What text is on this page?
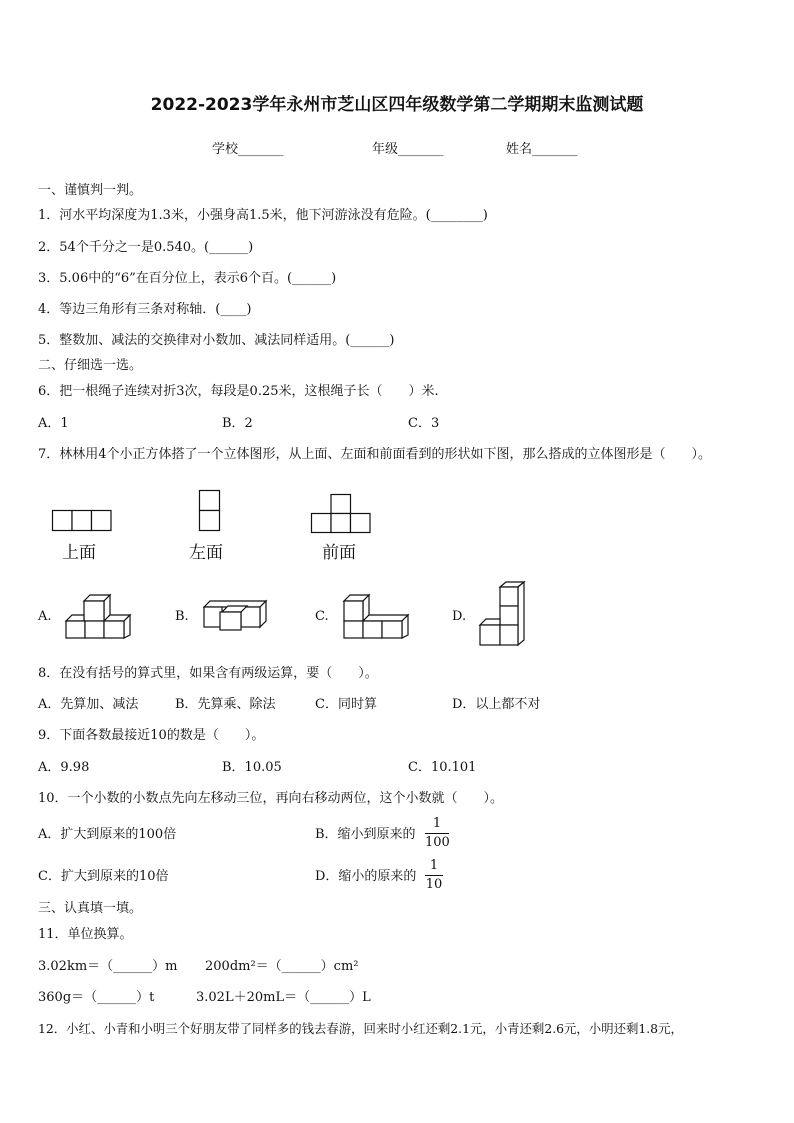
2022-2023学年永州市芝山区四年级数学第二学期期末监测试题
学校_______	年级_______	姓名_______
一、谨慎判一判。
1．河水平均深度为1.3米，小强身高1.5米，他下河游泳没有危险。(________)
2．54个千分之一是0.540。(______)
3．5.06中的“6”在百分位上，表示6个百。(______)
4．等边三角形有三条对称轴．(____)
5．整数加、减法的交换律对小数加、减法同样适用。(______)
二、仔细选一选。
6．把一根绳子连续对折3次，每段是0.25米，这根绳子长（　　）米.
A．1	B．2	C．3
7．林林用4个小正方体搭了一个立体图形，从上面、左面和前面看到的形状如下图，那么搭成的立体图形是（　　）。
上面	左面	前面
A.	B.	C.	D.
8．在没有括号的算式里，如果含有两级运算，要（　　）。
A．先算加、减法	B．先算乘、除法	C．同时算	D．以上都不对
9．下面各数最接近10的数是（　　）。
A．9.98	B．10.05	C．10.101
10．一个小数的小数点先向左移动三位，再向右移动两位，这个小数就（　　）。
A．扩大到原来的100倍	B．缩小到原来的
1
100
C．扩大到原来的10倍	D．缩小的原来的
1
10
三、认真填一填。
11．单位换算。
3.02km＝（______）m 200dm²＝（______）cm²
360g＝（______）t	3.02L＋20mL＝（______）L
12．小红、小青和小明三个好朋友带了同样多的钱去春游，回来时小红还剩2.1元，小青还剩2.6元，小明还剩1.8元，
